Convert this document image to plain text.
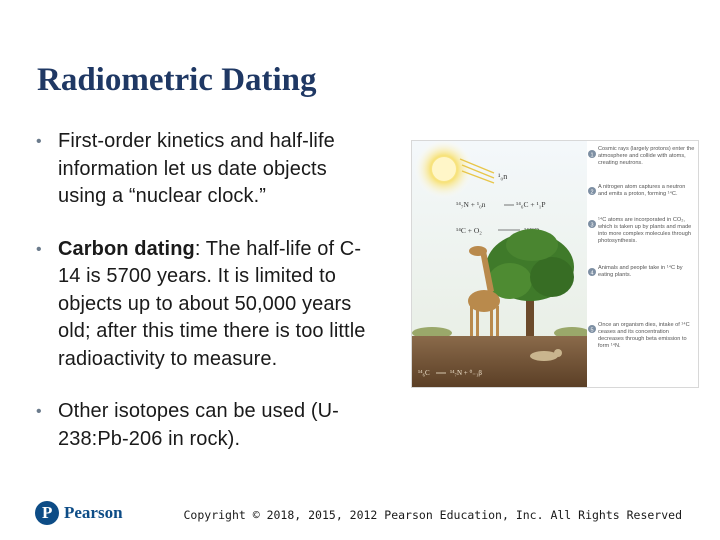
Radiometric Dating
• First-order kinetics and half-life information let us date objects using a “nuclear clock.”
• Carbon dating: The half-life of C-14 is 5700 years. It is limited to objects up to about 50,000 years old; after this time there is too little radioactivity to measure.
• Other isotopes can be used (U-238:Pb-206 in rock).
¹₀n
¹⁴₇N + ¹₀n	¹⁴₆C + ¹₁P
¹⁴C + O₂
¹⁴₆C	¹⁴₇N + ⁰₋₁β
1
Cosmic rays (largely protons) enter the atmosphere and collide with atoms, creating neutrons.
2
A nitrogen atom captures a neutron and emits a proton, forming ¹⁴C.
3
¹⁴C atoms are incorporated in CO₂, which is taken up by plants and made into more complex molecules through photosynthesis.
4
Animals and people take in ¹⁴C by eating plants.
5
Once an organism dies, intake of ¹⁴C ceases and its concentration decreases through beta emission to form ¹⁴N.
P
Pearson	Copyright © 2018, 2015, 2012 Pearson Education, Inc. All Rights Reserved
